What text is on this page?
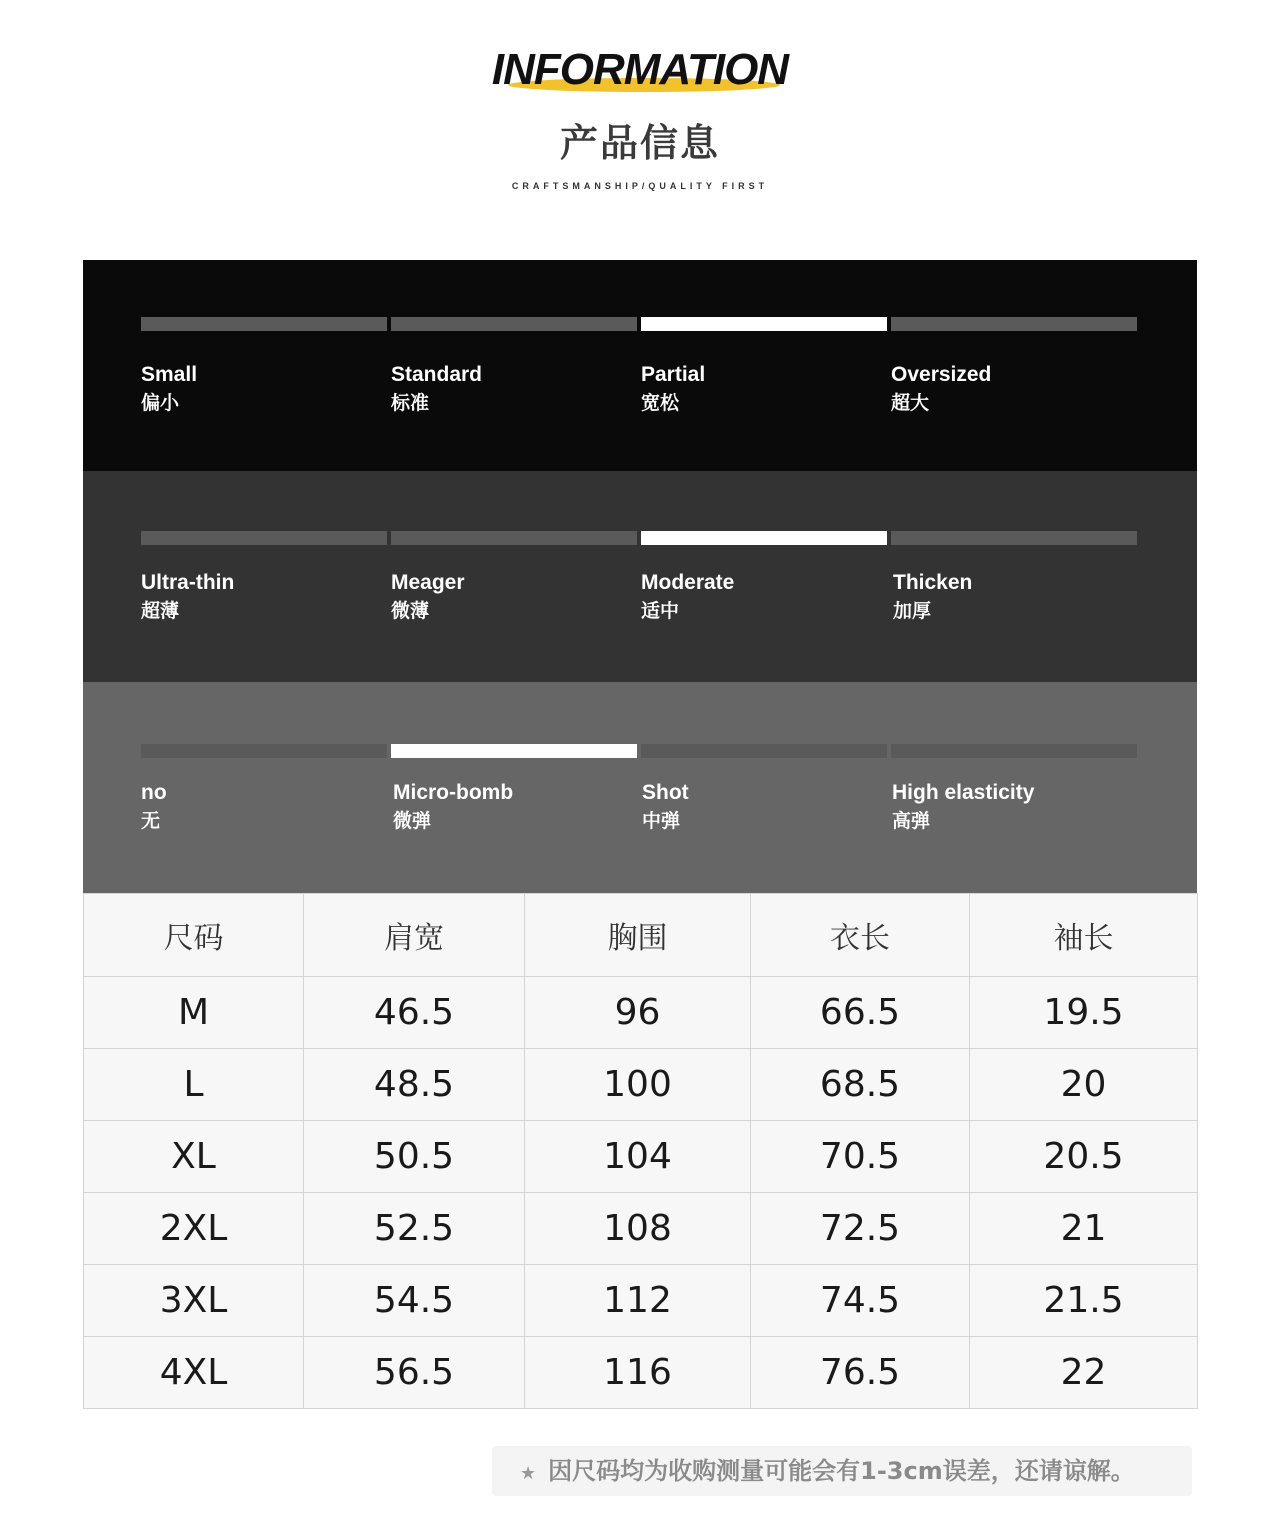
INFORMATION
产品信息
CRAFTSMANSHIP/QUALITY FIRST
Small
偏小
Standard
标准
Partial
宽松
Oversized
超大
Ultra-thin
超薄
Meager
微薄
Moderate
适中
Thicken
加厚
no
无
Micro-bomb
微弹
Shot
中弹
High elasticity
高弹
尺码	肩宽	胸围	衣长	袖长
M	46.5	96	66.5	19.5
L	48.5	100	68.5	20
XL	50.5	104	70.5	20.5
2XL	52.5	108	72.5	21
3XL	54.5	112	74.5	21.5
4XL	56.5	116	76.5	22
★ 因尺码均为收购测量可能会有1-3cm误差，还请谅解。
